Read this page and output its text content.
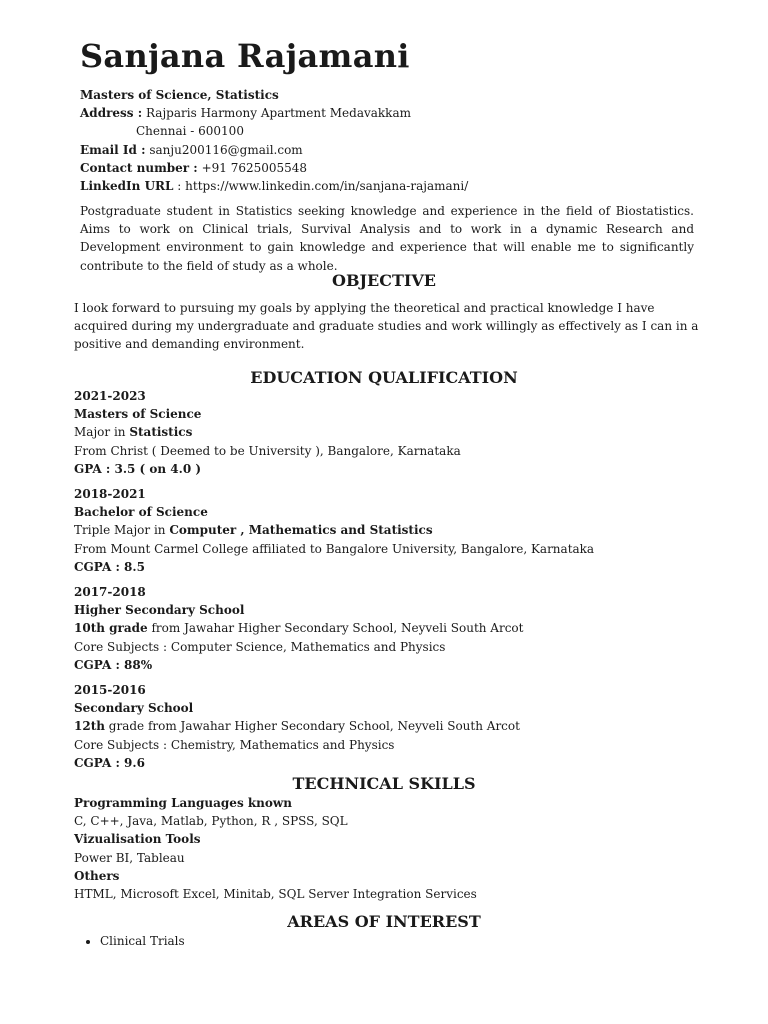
Sanjana Rajamani

Masters of Science, Statistics

Address : Rajparis Harmony Apartment Medavakkam

Chennai - 600100

Email Id : sanju200116@gmail.com

Contact number : +91 7625005548

LinkedIn URL : https://www.linkedin.com/in/sanjana-rajamani/

Postgraduate student in Statistics seeking knowledge and experience in the field of Biostatistics. Aims to work on Clinical trials, Survival Analysis and to work in a dynamic Research and Development environment to gain knowledge and experience that will enable me to significantly contribute to the field of study as a whole.

OBJECTIVE

I look forward to pursuing my goals by applying the theoretical and practical knowledge I have acquired during my undergraduate and graduate studies and work willingly as effectively as I can in a positive and demanding environment.

EDUCATION QUALIFICATION

2021-2023

Masters of Science

Major in Statistics

From Christ ( Deemed to be University ), Bangalore, Karnataka

GPA : 3.5 ( on 4.0 )

2018-2021

Bachelor of Science

Triple Major in Computer , Mathematics and Statistics

From Mount Carmel College affiliated to Bangalore University, Bangalore, Karnataka

CGPA : 8.5

2017-2018

Higher Secondary School

10th grade from Jawahar Higher Secondary School, Neyveli South Arcot

Core Subjects : Computer Science, Mathematics and Physics

CGPA : 88%

2015-2016

Secondary School

12th grade from Jawahar Higher Secondary School, Neyveli South Arcot

Core Subjects : Chemistry, Mathematics and Physics

CGPA : 9.6

TECHNICAL SKILLS

Programming Languages known

C, C++, Java, Matlab, Python, R , SPSS, SQL

Vizualisation Tools

Power BI, Tableau

Others

HTML, Microsoft Excel, Minitab, SQL Server Integration Services

AREAS OF INTEREST
• Clinical Trials
